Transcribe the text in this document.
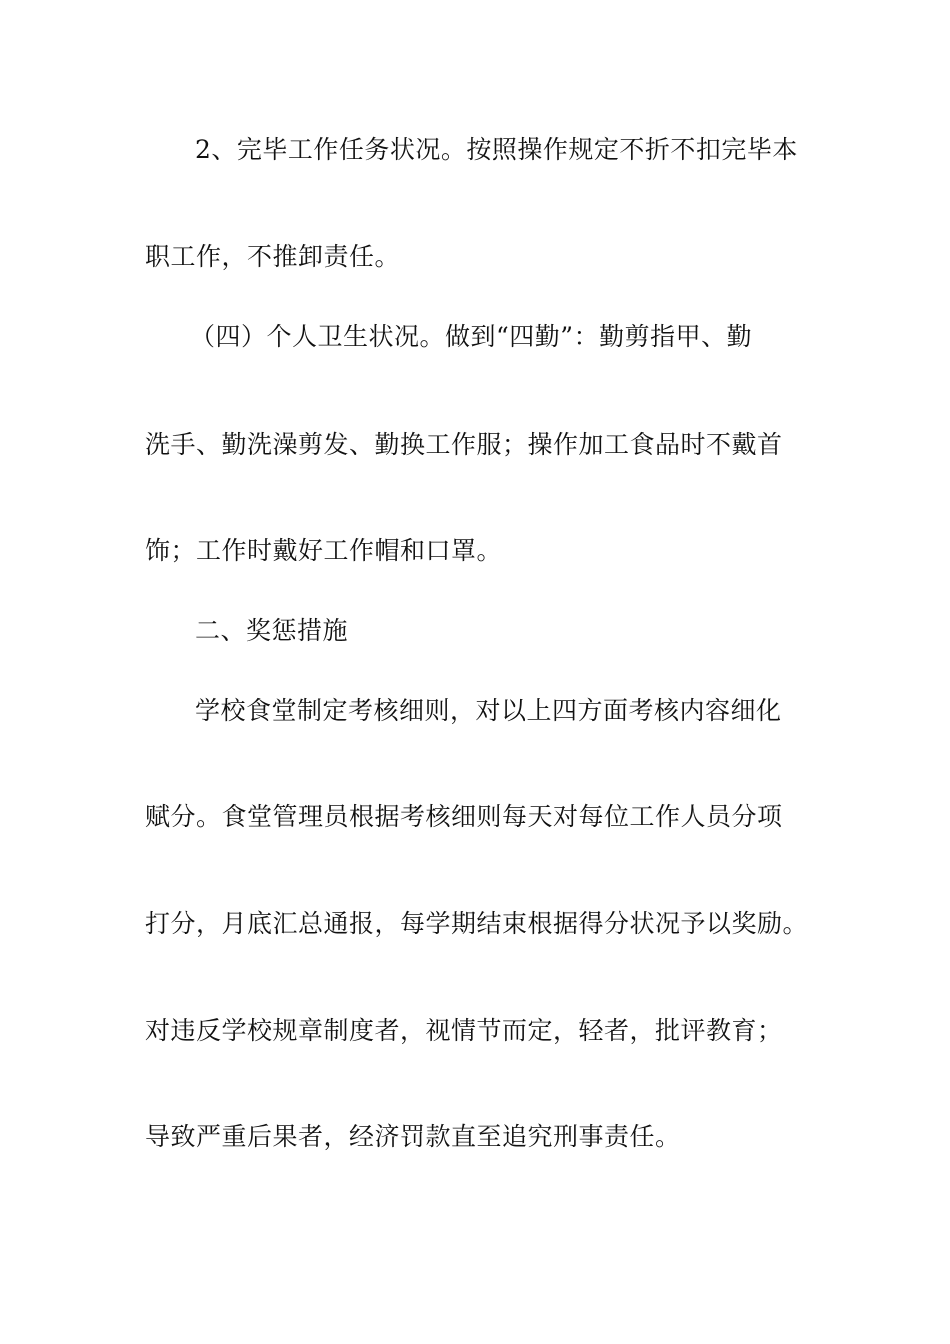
2、完毕工作任务状况。按照操作规定不折不扣完毕本
职工作，不推卸责任。
（四）个人卫生状况。做到“四勤”：勤剪指甲、勤
洗手、勤洗澡剪发、勤换工作服；操作加工食品时不戴首
饰；工作时戴好工作帽和口罩。
二、奖惩措施
学校食堂制定考核细则，对以上四方面考核内容细化
赋分。食堂管理员根据考核细则每天对每位工作人员分项
打分，月底汇总通报，每学期结束根据得分状况予以奖励。
对违反学校规章制度者，视情节而定，轻者，批评教育；
导致严重后果者，经济罚款直至追究刑事责任。
